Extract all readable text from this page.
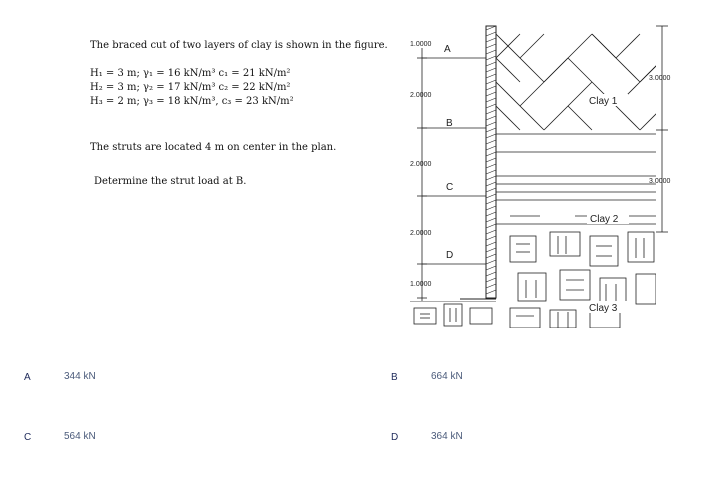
The braced cut of two layers of clay is shown in the figure.
H₁ = 3 m; γ₁ = 16 kN/m³ c₁ = 21 kN/m²
H₂ = 3 m; γ₂ = 17 kN/m³ c₂ = 22 kN/m²
H₃ = 2 m; γ₃ = 18 kN/m³, c₃ = 23 kN/m²
The struts are located 4 m on center in the plan.
Determine the strut load at B.
1.0000
2.0000
2.0000
2.0000
1.0000
A
B
C
D
3.0000
3.0000
Clay 1
Clay 2
Clay 3
A	344 kN	B	664 kN
C	564 kN	D	364 kN
